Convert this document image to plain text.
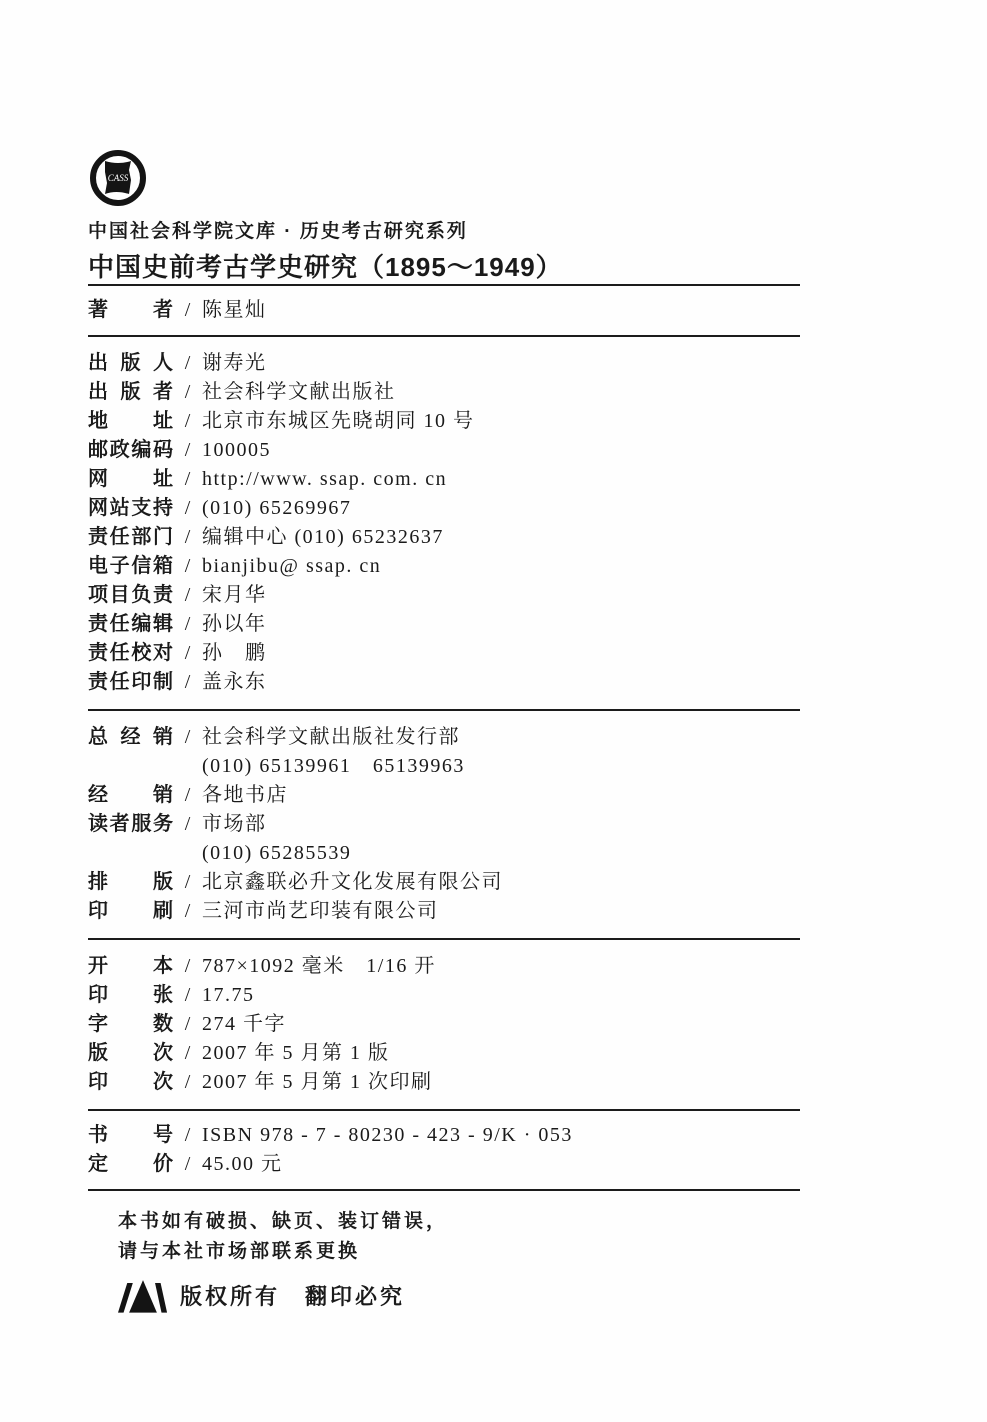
CASS
中国社会科学院文库 · 历史考古研究系列
中国史前考古学史研究（1895～1949）
著者 / 陈星灿
出版人 / 谢寿光
出版者 / 社会科学文献出版社
地址 / 北京市东城区先晓胡同 10 号
邮政编码 / 100005
网址 / http://www. ssap. com. cn
网站支持 / (010) 65269967
责任部门 / 编辑中心 (010) 65232637
电子信箱 / bianjibu@ ssap. cn
项目负责 / 宋月华
责任编辑 / 孙以年
责任校对 / 孙　鹏
责任印制 / 盖永东
总经销 / 社会科学文献出版社发行部
(010) 65139961　65139963
经销 / 各地书店
读者服务 / 市场部
(010) 65285539
排版 / 北京鑫联必升文化发展有限公司
印刷 / 三河市尚艺印装有限公司
开本 / 787×1092 毫米　1/16 开
印张 / 17.75
字数 / 274 千字
版次 / 2007 年 5 月第 1 版
印次 / 2007 年 5 月第 1 次印刷
书号 / ISBN 978 - 7 - 80230 - 423 - 9/K · 053
定价 / 45.00 元
本书如有破损、缺页、装订错误，
请与本社市场部联系更换
版权所有　翻印必究
